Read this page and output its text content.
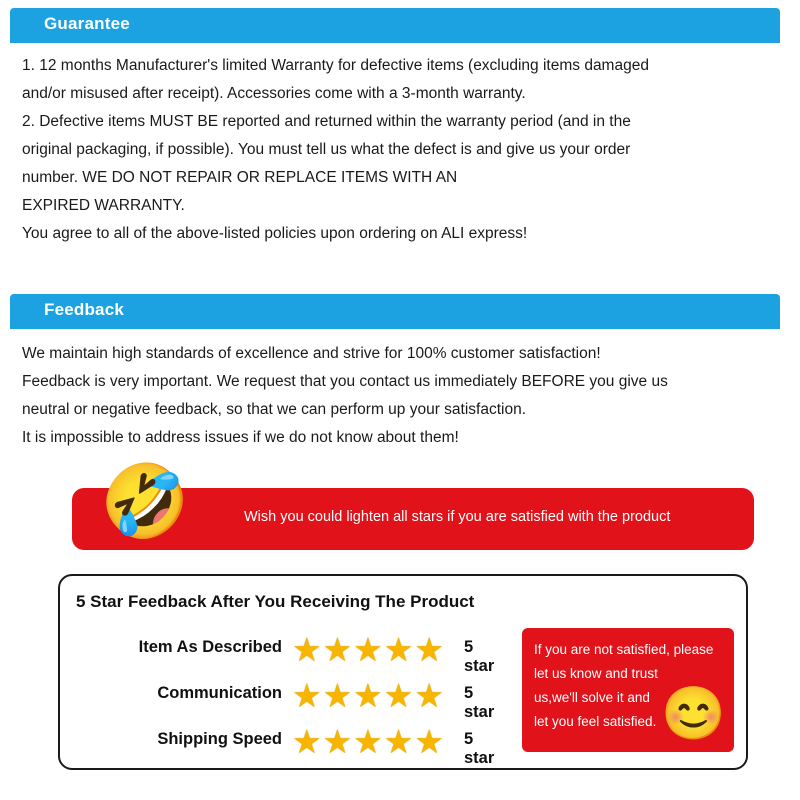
Guarantee

1. 12 months Manufacturer's limited Warranty for defective items (excluding items damaged

and/or misused after receipt). Accessories come with a 3-month warranty.

2. Defective items MUST BE reported and returned within the warranty period (and in the

original packaging, if possible). You must tell us what the defect is and give us your order

number. WE DO NOT REPAIR OR REPLACE ITEMS WITH AN

EXPIRED WARRANTY.

You agree to all of the above-listed policies upon ordering on ALI express!

Feedback

We maintain high standards of excellence and strive for 100% customer satisfaction!

Feedback is very important. We request that you contact us immediately BEFORE you give us

neutral or negative feedback, so that we can perform up your satisfaction.

It is impossible to address issues if we do not know about them!

🤣	Wish you could lighten all stars if you are satisfied with the product
5 Star Feedback After You Receiving The Product
Item As Described ★★★★★	5 star
Communication ★★★★★	5 star
Shipping Speed ★★★★★	5 star
😊

If you are not satisfied, please

let us know and trust

us,we'll solve it and

let you feel satisfied.
